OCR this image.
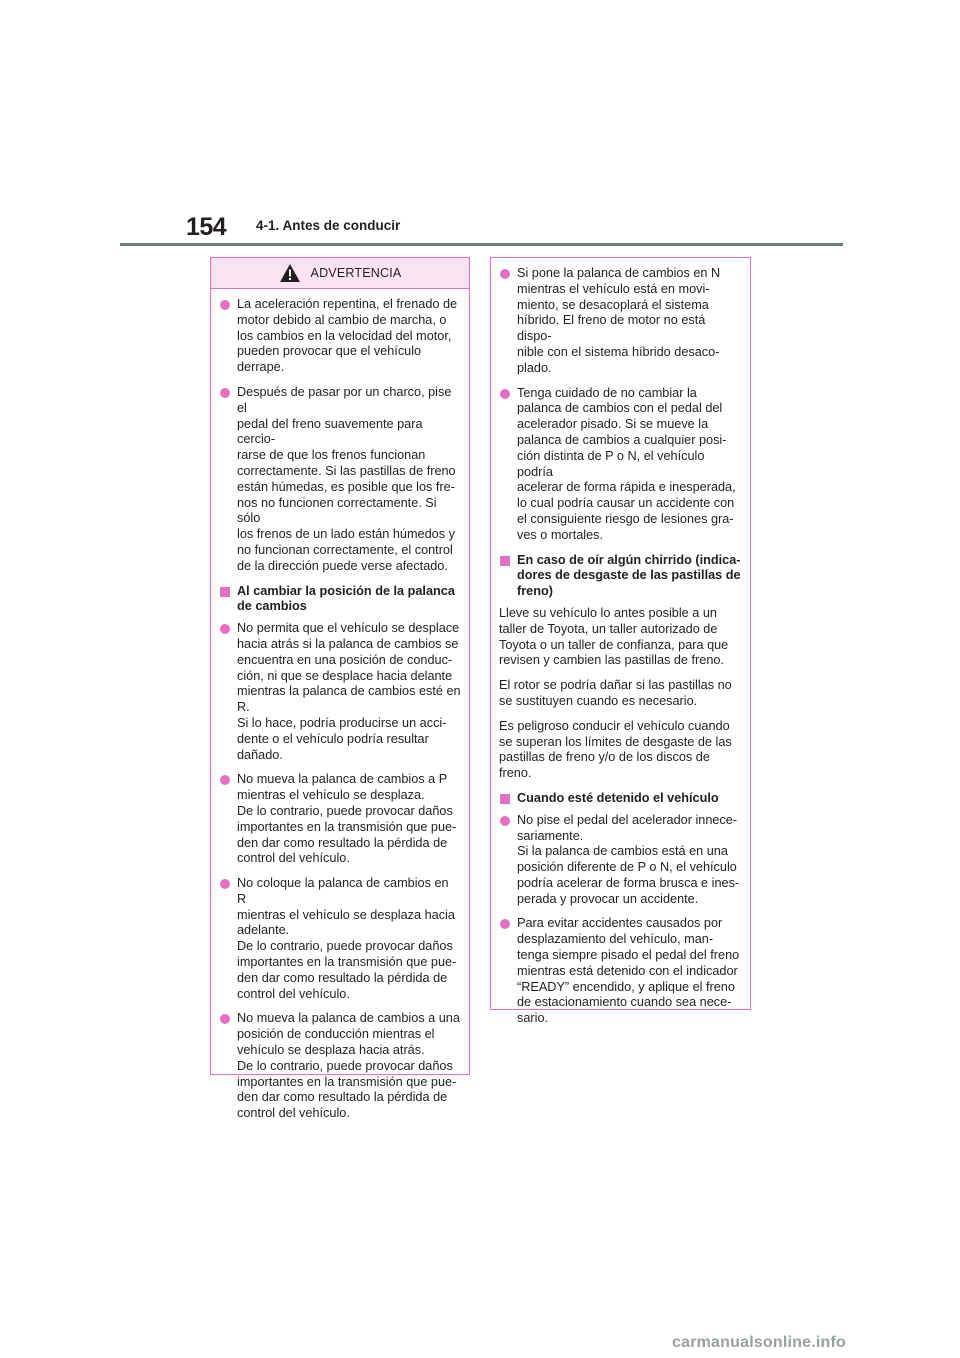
154 4-1. Antes de conducir
ADVERTENCIA
La aceleración repentina, el frenado de
motor debido al cambio de marcha, o
los cambios en la velocidad del motor,
pueden provocar que el vehículo
derrape.
Después de pasar por un charco, pise el
pedal del freno suavemente para cercio-
rarse de que los frenos funcionan
correctamente. Si las pastillas de freno
están húmedas, es posible que los fre-
nos no funcionen correctamente. Si sólo
los frenos de un lado están húmedos y
no funcionan correctamente, el control
de la dirección puede verse afectado.
Al cambiar la posición de la palanca
de cambios
No permita que el vehículo se desplace
hacia atrás si la palanca de cambios se
encuentra en una posición de conduc-
ción, ni que se desplace hacia delante
mientras la palanca de cambios esté en
R.
Si lo hace, podría producirse un acci-
dente o el vehículo podría resultar
dañado.
No mueva la palanca de cambios a P
mientras el vehículo se desplaza.
De lo contrario, puede provocar daños
importantes en la transmisión que pue-
den dar como resultado la pérdida de
control del vehículo.
No coloque la palanca de cambios en R
mientras el vehículo se desplaza hacia
adelante.
De lo contrario, puede provocar daños
importantes en la transmisión que pue-
den dar como resultado la pérdida de
control del vehículo.
No mueva la palanca de cambios a una
posición de conducción mientras el
vehículo se desplaza hacia atrás.
De lo contrario, puede provocar daños
importantes en la transmisión que pue-
den dar como resultado la pérdida de
control del vehículo.
Si pone la palanca de cambios en N
mientras el vehículo está en movi-
miento, se desacoplará el sistema
híbrido. El freno de motor no está dispo-
nible con el sistema híbrido desaco-
plado.
Tenga cuidado de no cambiar la
palanca de cambios con el pedal del
acelerador pisado. Si se mueve la
palanca de cambios a cualquier posi-
ción distinta de P o N, el vehículo podría
acelerar de forma rápida e inesperada,
lo cual podría causar un accidente con
el consiguiente riesgo de lesiones gra-
ves o mortales.
En caso de oír algún chirrido (indica-
dores de desgaste de las pastillas de
freno)
Lleve su vehículo lo antes posible a un
taller de Toyota, un taller autorizado de
Toyota o un taller de confianza, para que
revisen y cambien las pastillas de freno.
El rotor se podría dañar si las pastillas no
se sustituyen cuando es necesario.
Es peligroso conducir el vehículo cuando
se superan los límites de desgaste de las
pastillas de freno y/o de los discos de
freno.
Cuando esté detenido el vehículo
No pise el pedal del acelerador innece-
sariamente.
Si la palanca de cambios está en una
posición diferente de P o N, el vehículo
podría acelerar de forma brusca e ines-
perada y provocar un accidente.
Para evitar accidentes causados por
desplazamiento del vehículo, man-
tenga siempre pisado el pedal del freno
mientras está detenido con el indicador
“READY” encendido, y aplique el freno
de estacionamiento cuando sea nece-
sario.
carmanualsonline.info
